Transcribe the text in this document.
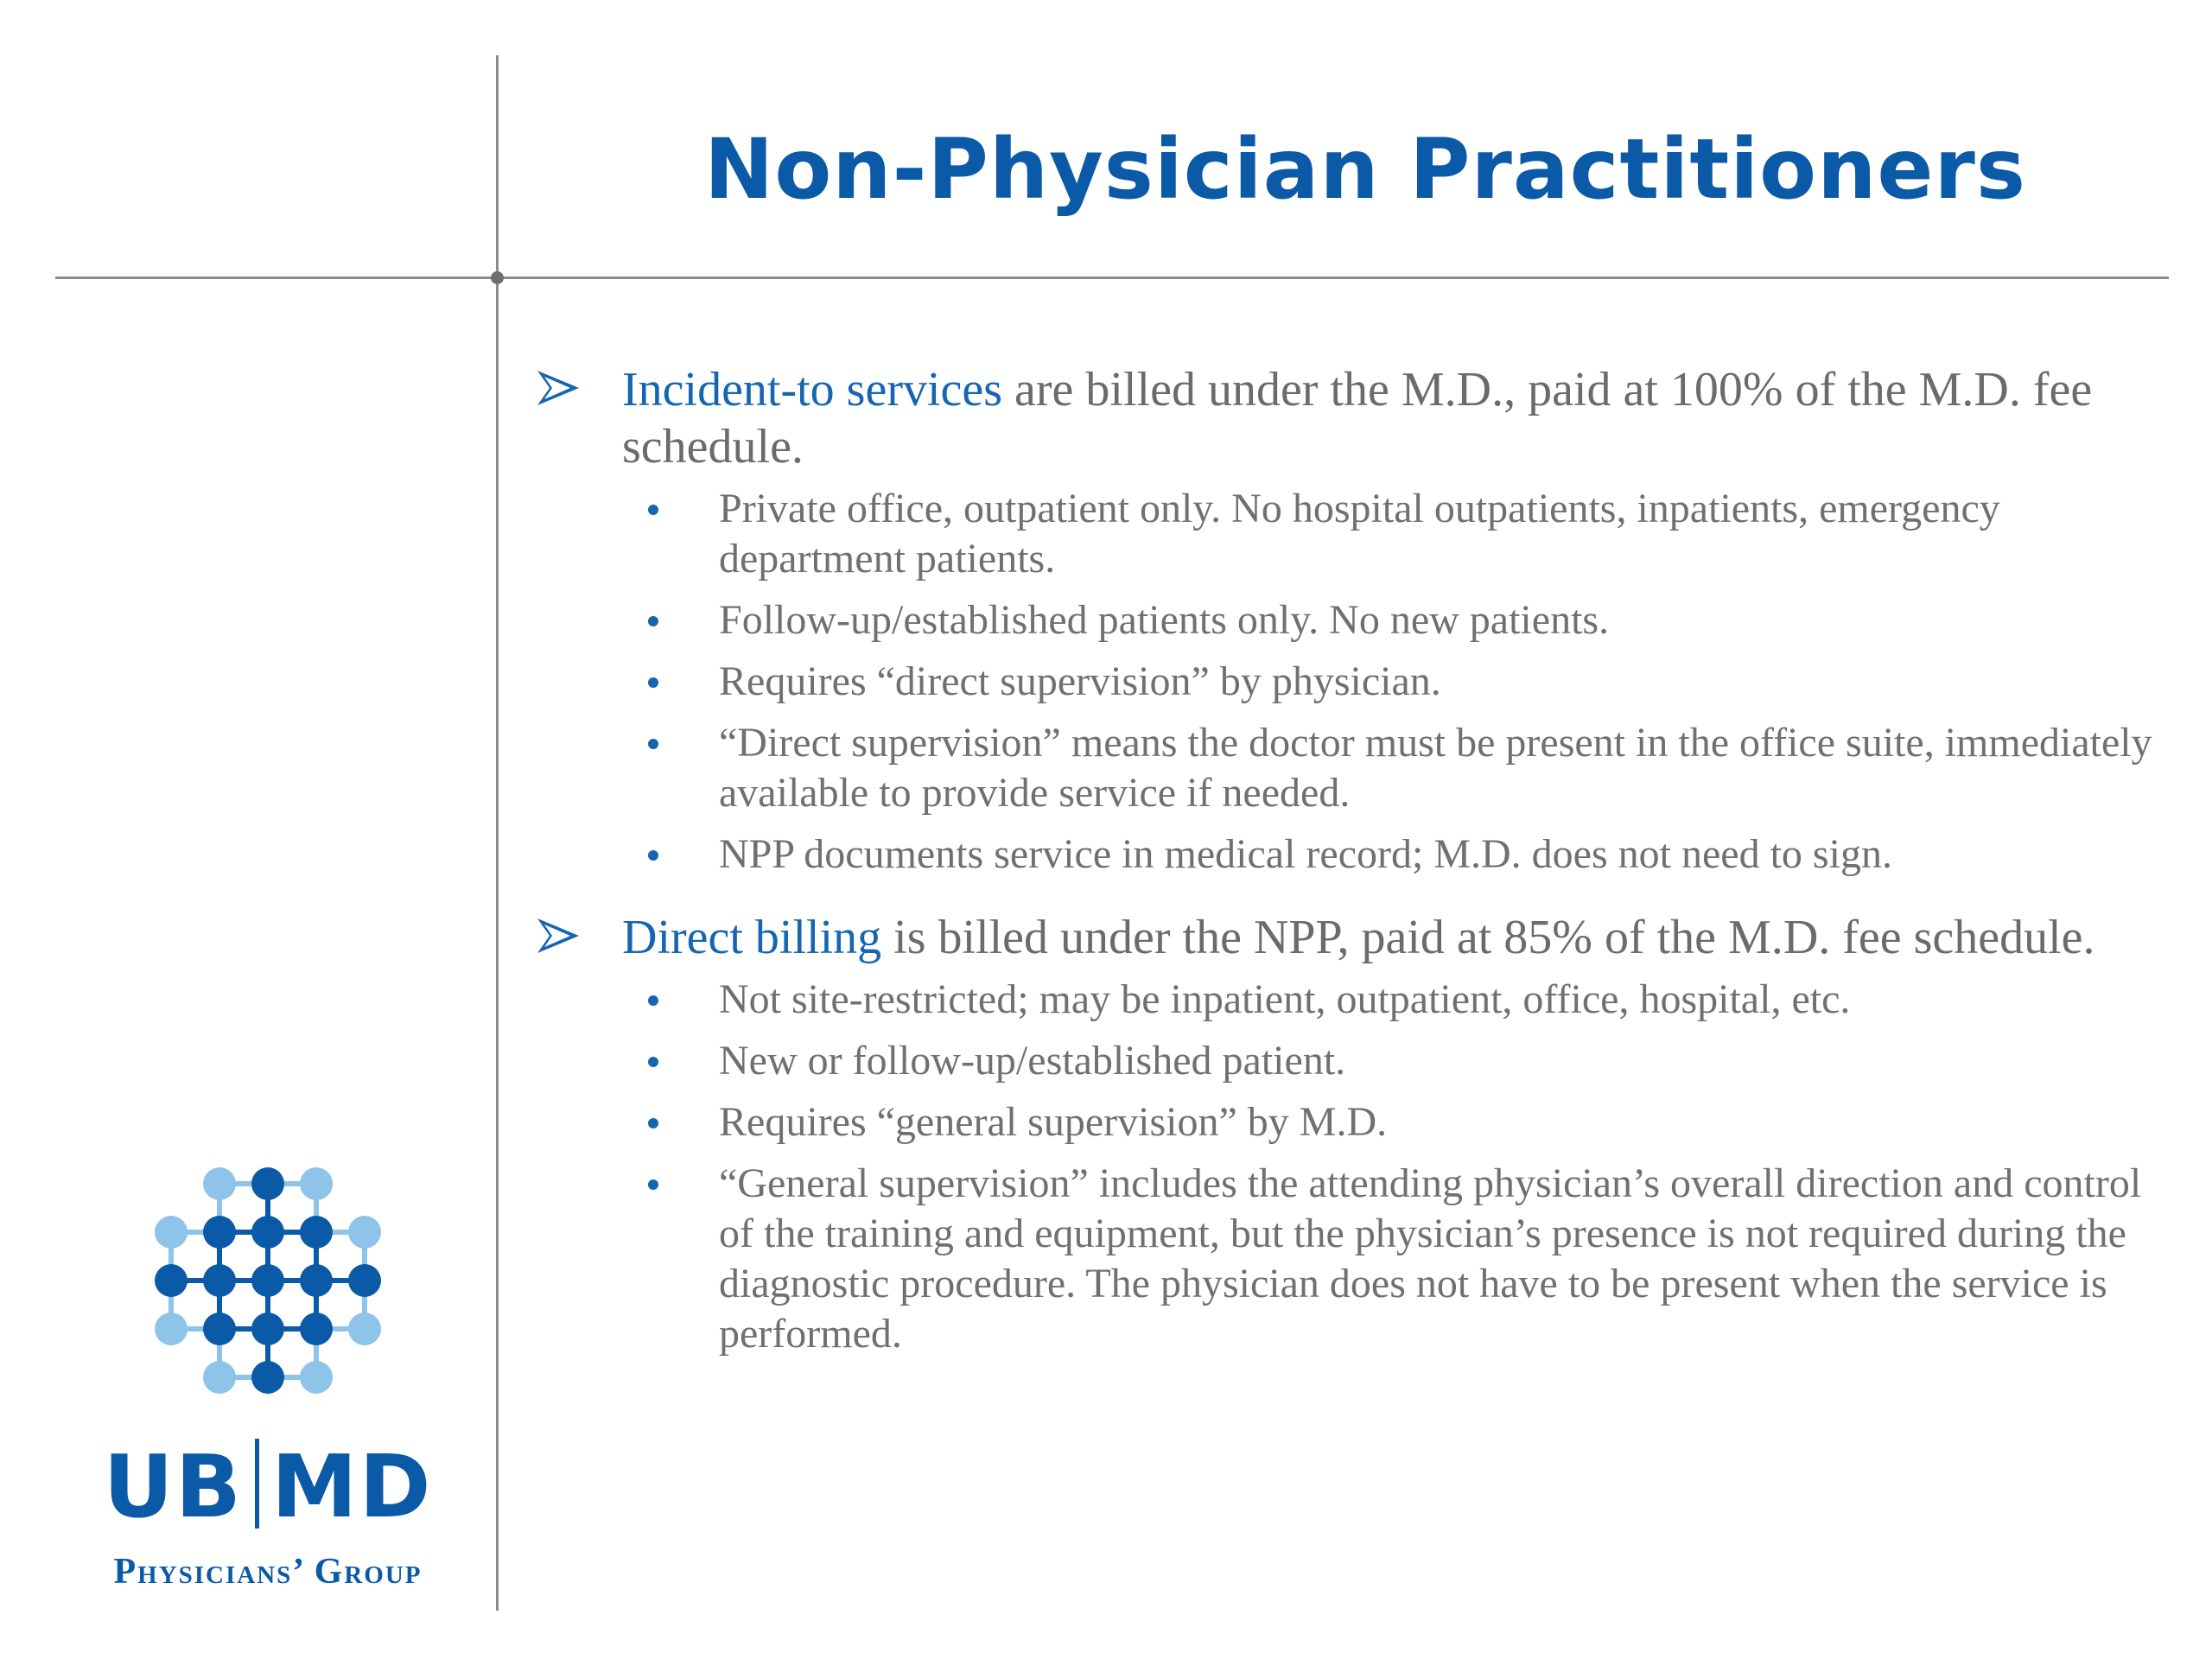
Non-Physician Practitioners
Incident-to services are billed under the M.D., paid at 100% of the M.D. fee schedule.
Private office, outpatient only. No hospital outpatients, inpatients, emergency department patients.
Follow-up/established patients only. No new patients.
Requires “direct supervision” by physician.
“Direct supervision” means the doctor must be present in the office suite, immediately available to provide service if needed.
NPP documents service in medical record; M.D. does not need to sign.
Direct billing is billed under the NPP, paid at 85% of the M.D. fee schedule.
Not site-restricted; may be inpatient, outpatient, office, hospital, etc.
New or follow-up/established patient.
Requires “general supervision” by M.D.
“General supervision” includes the attending physician’s overall direction and control of the training and equipment, but the physician’s presence is not required during the diagnostic procedure. The physician does not have to be present when the service is performed.
UB MD
Physicians’ Group
